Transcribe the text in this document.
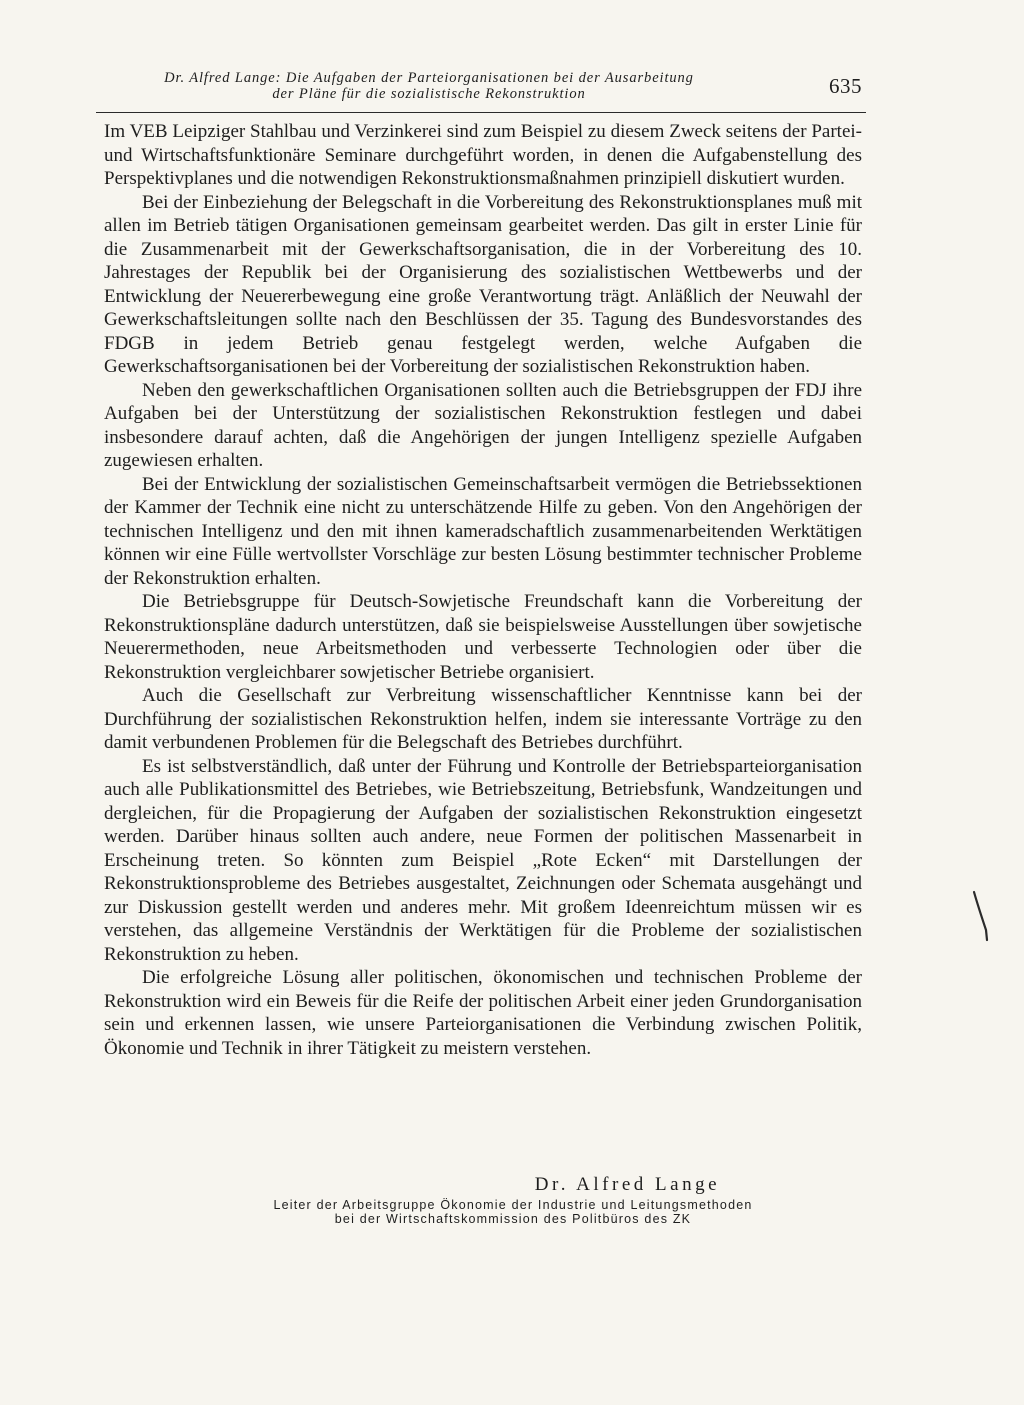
Dr. Alfred Lange: Die Aufgaben der Parteiorganisationen bei der Ausarbeitung
der Pläne für die sozialistische Rekonstruktion	635

Im VEB Leipziger Stahlbau und Verzinkerei sind zum Beispiel zu diesem Zweck seitens der Partei- und Wirtschaftsfunktionäre Seminare durchgeführt worden, in denen die Aufgabenstellung des Perspektivplanes und die notwendigen Rekonstruktionsmaßnahmen prinzipiell diskutiert wurden.

Bei der Einbeziehung der Belegschaft in die Vorbereitung des Rekonstruktionsplanes muß mit allen im Betrieb tätigen Organisationen gemeinsam gearbeitet werden. Das gilt in erster Linie für die Zusammenarbeit mit der Gewerkschaftsorganisation, die in der Vorbereitung des 10. Jahrestages der Republik bei der Organisierung des sozialistischen Wettbewerbs und der Entwicklung der Neuererbewegung eine große Verantwortung trägt. Anläßlich der Neuwahl der Gewerkschaftsleitungen sollte nach den Beschlüssen der 35. Tagung des Bundesvorstandes des FDGB in jedem Betrieb genau festgelegt werden, welche Aufgaben die Gewerkschaftsorganisationen bei der Vorbereitung der sozialistischen Rekonstruktion haben.

Neben den gewerkschaftlichen Organisationen sollten auch die Betriebsgruppen der FDJ ihre Aufgaben bei der Unterstützung der sozialistischen Rekonstruktion festlegen und dabei insbesondere darauf achten, daß die Angehörigen der jungen Intelligenz spezielle Aufgaben zugewiesen erhalten.

Bei der Entwicklung der sozialistischen Gemeinschaftsarbeit vermögen die Betriebssektionen der Kammer der Technik eine nicht zu unterschätzende Hilfe zu geben. Von den Angehörigen der technischen Intelligenz und den mit ihnen kameradschaftlich zusammenarbeitenden Werktätigen können wir eine Fülle wertvollster Vorschläge zur besten Lösung bestimmter technischer Probleme der Rekonstruktion erhalten.

Die Betriebsgruppe für Deutsch-Sowjetische Freundschaft kann die Vorbereitung der Rekonstruktionspläne dadurch unterstützen, daß sie beispielsweise Ausstellungen über sowjetische Neuerermethoden, neue Arbeitsmethoden und verbesserte Technologien oder über die Rekonstruktion vergleichbarer sowjetischer Betriebe organisiert.

Auch die Gesellschaft zur Verbreitung wissenschaftlicher Kenntnisse kann bei der Durchführung der sozialistischen Rekonstruktion helfen, indem sie interessante Vorträge zu den damit verbundenen Problemen für die Belegschaft des Betriebes durchführt.

Es ist selbstverständlich, daß unter der Führung und Kontrolle der Betriebsparteiorganisation auch alle Publikationsmittel des Betriebes, wie Betriebszeitung, Betriebsfunk, Wandzeitungen und dergleichen, für die Propagierung der Aufgaben der sozialistischen Rekonstruktion eingesetzt werden. Darüber hinaus sollten auch andere, neue Formen der politischen Massenarbeit in Erscheinung treten. So könnten zum Beispiel „Rote Ecken“ mit Darstellungen der Rekonstruktionsprobleme des Betriebes ausgestaltet, Zeichnungen oder Schemata ausgehängt und zur Diskussion gestellt werden und anderes mehr. Mit großem Ideenreichtum müssen wir es verstehen, das allgemeine Verständnis der Werktätigen für die Probleme der sozialistischen Rekonstruktion zu heben.

Die erfolgreiche Lösung aller politischen, ökonomischen und technischen Probleme der Rekonstruktion wird ein Beweis für die Reife der politischen Arbeit einer jeden Grundorganisation sein und erkennen lassen, wie unsere Parteiorganisationen die Verbindung zwischen Politik, Ökonomie und Technik in ihrer Tätigkeit zu meistern verstehen.

Dr. Alfred Lange
Leiter der Arbeitsgruppe Ökonomie der Industrie und Leitungsmethoden
bei der Wirtschaftskommission des Politbüros des ZK
